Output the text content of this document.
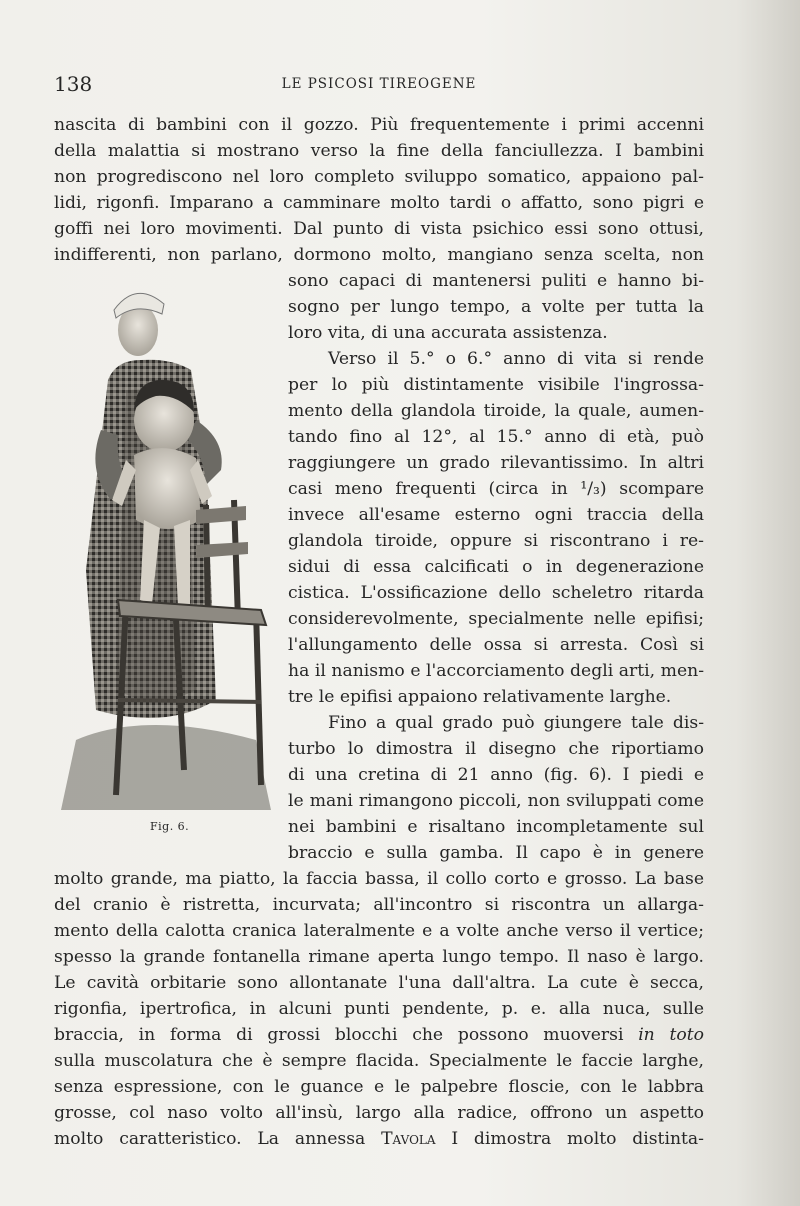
138	LE PSICOSI TIREOGENE
nascita di bambini con il gozzo. Più frequentemente i primi accenni
della malattia si mostrano verso la fine della fanciullezza. I bambini
non progrediscono nel loro completo sviluppo somatico, appaiono pal-
lidi, rigonfi. Imparano a camminare molto tardi o affatto, sono pigri e
goffi nei loro movimenti. Dal punto di vista psichico essi sono ottusi,
indifferenti, non parlano, dormono molto, mangiano senza scelta, non
Fig. 6.
sono capaci di mantenersi puliti e hanno bi-
sogno per lungo tempo, a volte per tutta la
loro vita, di una accurata assistenza.
Verso il 5.° o 6.° anno di vita si rende
per lo più distintamente visibile l'ingrossa-
mento della glandola tiroide, la quale, aumen-
tando fino al 12°, al 15.° anno di età, può
raggiungere un grado rilevantissimo. In altri
casi meno frequenti (circa in ¹/₃) scompare
invece all'esame esterno ogni traccia della
glandola tiroide, oppure si riscontrano i re-
sidui di essa calcificati o in degenerazione
cistica. L'ossificazione dello scheletro ritarda
considerevolmente, specialmente nelle epifisi;
l'allungamento delle ossa si arresta. Così si
ha il nanismo e l'accorciamento degli arti, men-
tre le epifisi appaiono relativamente larghe.
Fino a qual grado può giungere tale dis-
turbo lo dimostra il disegno che riportiamo
di una cretina di 21 anno (fig. 6). I piedi e
le mani rimangono piccoli, non sviluppati come
nei bambini e risaltano incompletamente sul
braccio e sulla gamba. Il capo è in genere
molto grande, ma piatto, la faccia bassa, il collo corto e grosso. La base
del cranio è ristretta, incurvata; all'incontro si riscontra un allarga-
mento della calotta cranica lateralmente e a volte anche verso il vertice;
spesso la grande fontanella rimane aperta lungo tempo. Il naso è largo.
Le cavità orbitarie sono allontanate l'una dall'altra. La cute è secca,
rigonfia, ipertrofica, in alcuni punti pendente, p. e. alla nuca, sulle
braccia, in forma di grossi blocchi che possono muoversi in toto
sulla muscolatura che è sempre flacida. Specialmente le faccie larghe,
senza espressione, con le guance e le palpebre floscie, con le labbra
grosse, col naso volto all'insù, largo alla radice, offrono un aspetto
molto caratteristico. La annessa Tavola I dimostra molto distinta-
